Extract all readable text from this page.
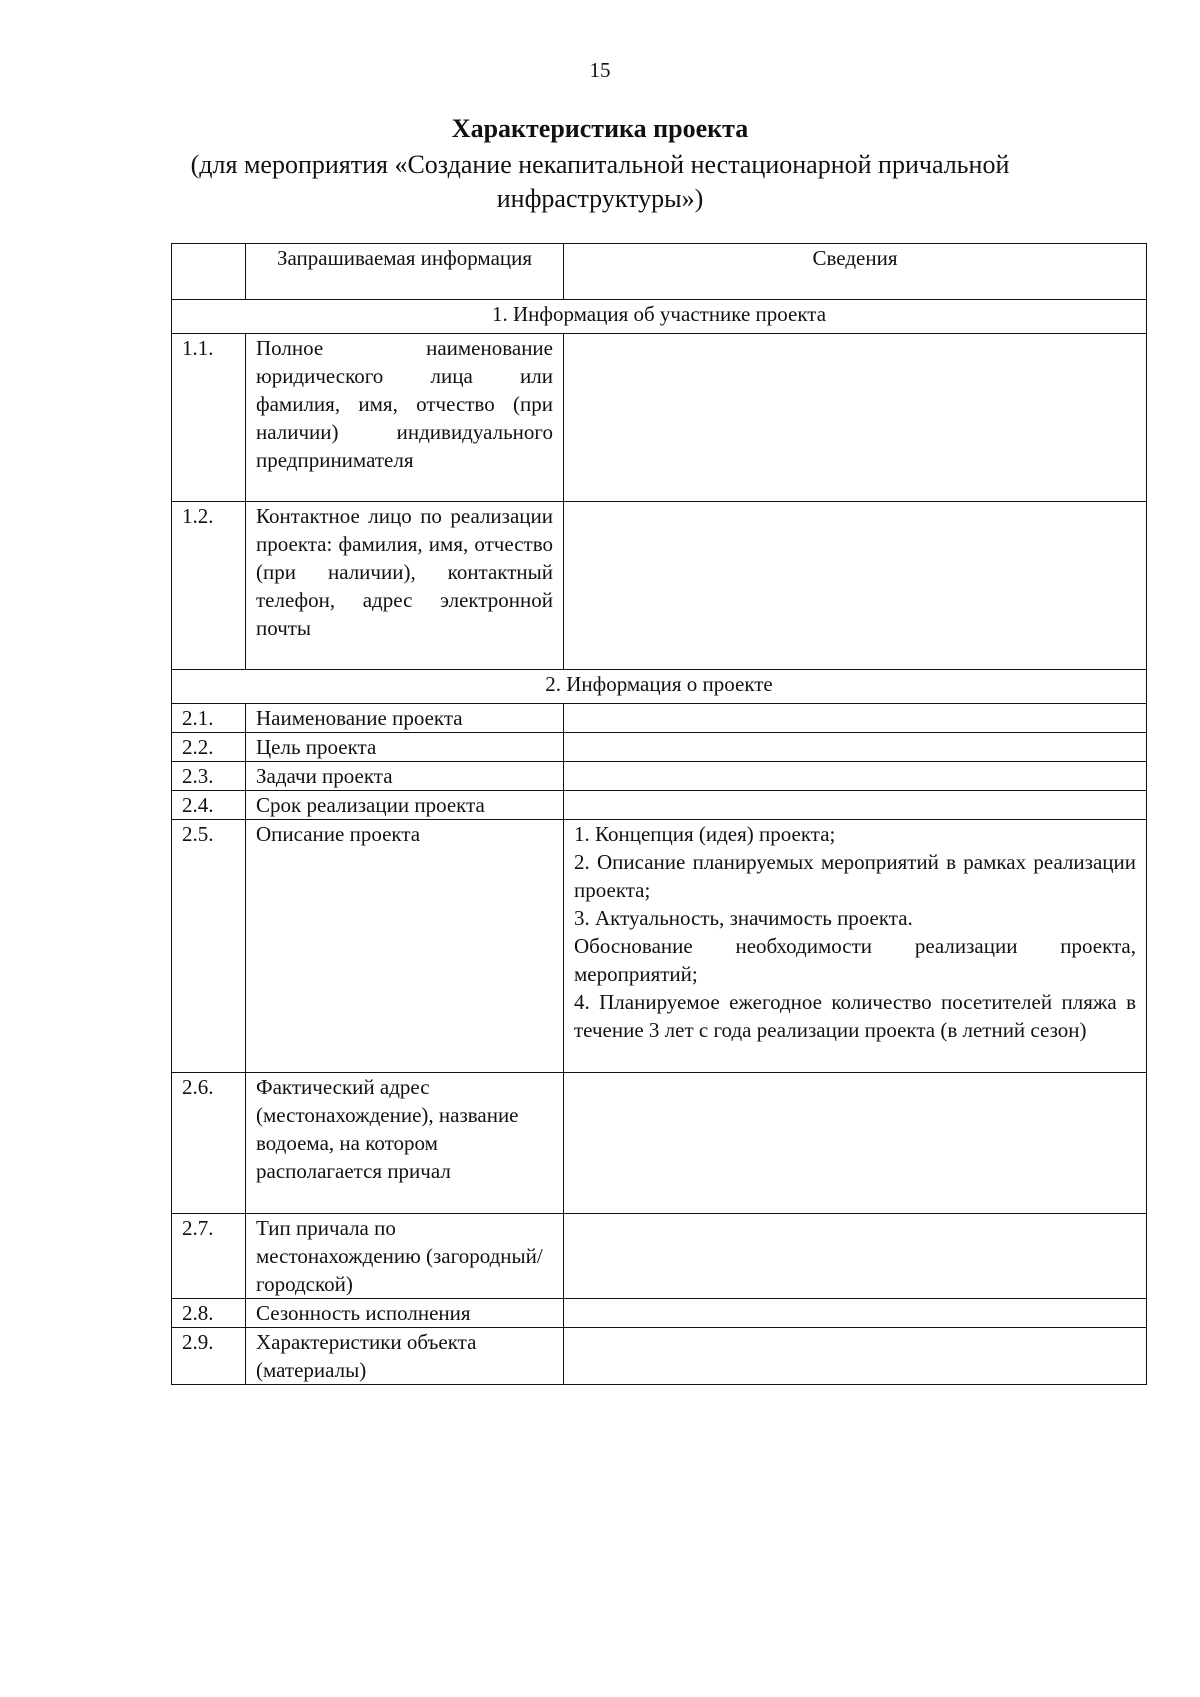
15
Характеристика проекта
(для мероприятия «Создание некапитальной нестационарной причальной инфраструктуры»)
	Запрашиваемая информация	Сведения
1. Информация об участнике проекта		
1.1.	Полное наименование юридического лица или фамилия, имя, отчество (при наличии) индивидуального предпринимателя	
1.2.	Контактное лицо по реализации проекта: фамилия, имя, отчество (при наличии), контактный телефон, адрес электронной почты	
2. Информация о проекте		
2.1.	Наименование проекта	
2.2.	Цель проекта	
2.3.	Задачи проекта	
2.4.	Срок реализации проекта	
2.5.	Описание проекта	1. Концепция (идея) проекта;

2. Описание планируемых мероприятий в рамках реализации проекта;

3. Актуальность, значимость проекта.

Обоснование необходимости реализации проекта, мероприятий;

4. Планируемое ежегодное количество посетителей пляжа в течение 3 лет с года реализации проекта (в летний сезон)

2.6.	Фактический адрес (местонахождение), название водоема, на котором располагается причал	
2.7.	Тип причала по местонахождению (загородный/городской)	
2.8.	Сезонность исполнения	
2.9.	Характеристики объекта (материалы)	
